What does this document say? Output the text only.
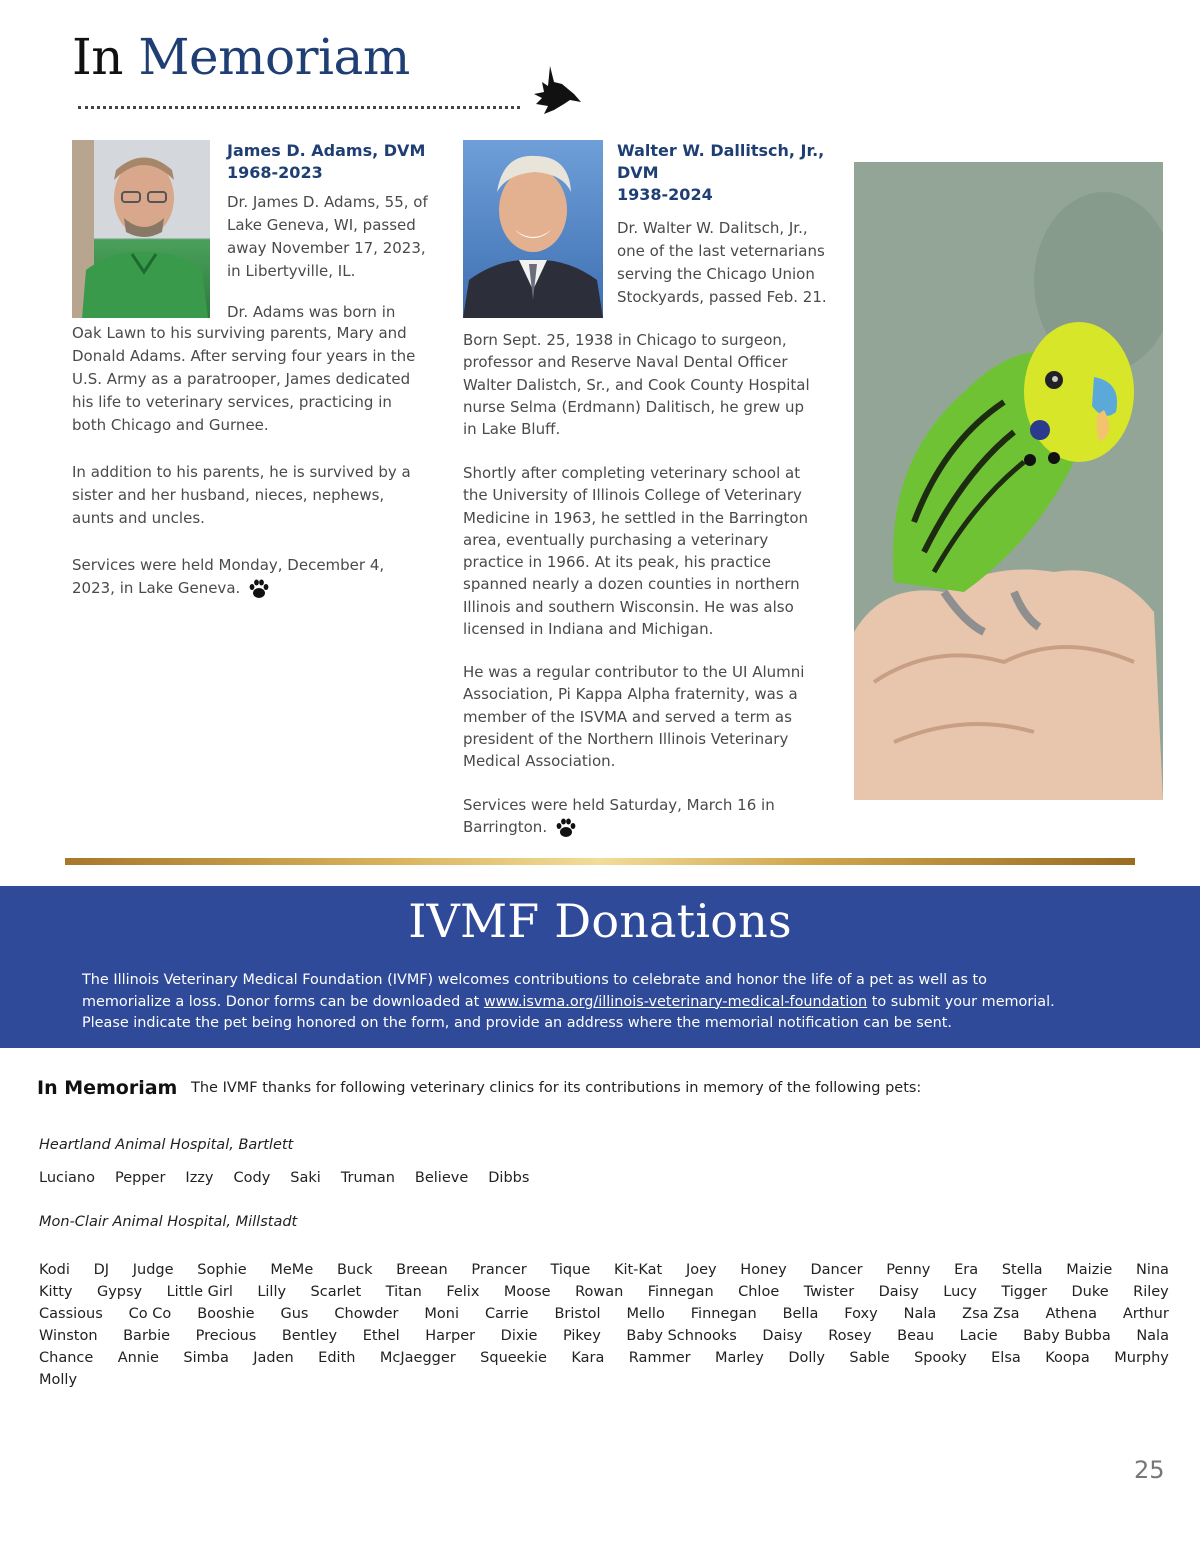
In Memoriam
James D. Adams, DVM
1968-2023
Dr. James D. Adams, 55, of
Lake Geneva, WI, passed
away November 17, 2023,
in Libertyville, IL.
Dr. Adams was born in
Oak Lawn to his surviving parents, Mary and
Donald Adams. After serving four years in the
U.S. Army as a paratrooper, James dedicated
his life to veterinary services, practicing in
both Chicago and Gurnee.
In addition to his parents, he is survived by a
sister and her husband, nieces, nephews,
aunts and uncles.
Services were held Monday, December 4,
2023, in Lake Geneva.
Walter W. Dallitsch, Jr.,
DVM
1938-2024
Dr. Walter W. Dalitsch, Jr.,
one of the last veternarians
serving the Chicago Union
Stockyards, passed Feb. 21.
Born Sept. 25, 1938 in Chicago to surgeon,
professor and Reserve Naval Dental Officer
Walter Dalistch, Sr., and Cook County Hospital
nurse Selma (Erdmann) Dalitisch, he grew up
in Lake Bluff.
Shortly after completing veterinary school at
the University of Illinois College of Veterinary
Medicine in 1963, he settled in the Barrington
area, eventually purchasing a veterinary
practice in 1966. At its peak, his practice
spanned nearly a dozen counties in northern
Illinois and southern Wisconsin. He was also
licensed in Indiana and Michigan.
He was a regular contributor to the UI Alumni
Association, Pi Kappa Alpha fraternity, was a
member of the ISVMA and served a term as
president of the Northern Illinois Veterinary
Medical Association.
Services were held Saturday, March 16 in
Barrington.
IVMF Donations
The Illinois Veterinary Medical Foundation (IVMF) welcomes contributions to celebrate and honor the life of a pet as well as to
memorialize a loss. Donor forms can be downloaded at www.isvma.org/illinois-veterinary-medical-foundation to submit your memorial.
Please indicate the pet being honored on the form, and provide an address where the memorial notification can be sent.
In Memoriam The IVMF thanks for following veterinary clinics for its contributions in memory of the following pets:
Heartland Animal Hospital, Bartlett
Luciano Pepper Izzy Cody Saki Truman Believe Dibbs
Mon-Clair Animal Hospital, Millstadt
Kodi DJ Judge Sophie MeMe Buck Breean Prancer Tique Kit-Kat Joey Honey Dancer Penny Era Stella Maizie Nina
Kitty Gypsy Little Girl Lilly Scarlet Titan Felix Moose Rowan Finnegan Chloe Twister Daisy Lucy Tigger Duke Riley
Cassious Co Co Booshie Gus Chowder Moni Carrie Bristol Mello Finnegan Bella Foxy Nala Zsa Zsa Athena Arthur
Winston Barbie Precious Bentley Ethel Harper Dixie Pikey Baby Schnooks Daisy Rosey Beau Lacie Baby Bubba Nala
Chance Annie Simba Jaden Edith McJaegger Squeekie Kara Rammer Marley Dolly Sable Spooky Elsa Koopa Murphy
Molly
25
